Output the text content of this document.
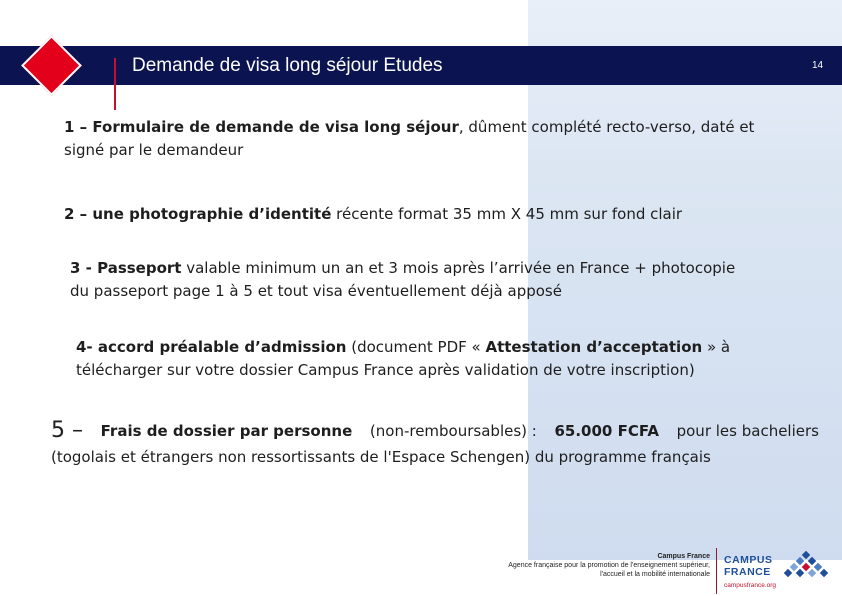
Demande de visa long séjour Etudes	14
1 – Formulaire de demande de visa long séjour, dûment complété recto-verso, daté et
signé par le demandeur
2 – une photographie d’identité récente format 35 mm X 45 mm sur fond clair
3 - Passeport valable minimum un an et 3 mois après l’arrivée en France + photocopie
du passeport page 1 à 5 et tout visa éventuellement déjà apposé
4- accord préalable d’admission (document PDF « Attestation d’acceptation » à
télécharger sur votre dossier Campus France après validation de votre inscription)
5 – Frais de dossier par personne (non-remboursables) : 65.000 FCFA pour les bacheliers
(togolais et étrangers non ressortissants de l'Espace Schengen) du programme français
Campus France
Agence française pour la promotion de l'enseignement supérieur,
l'accueil et la mobilité internationale
CAMPUS
FRANCE
campusfrance.org
